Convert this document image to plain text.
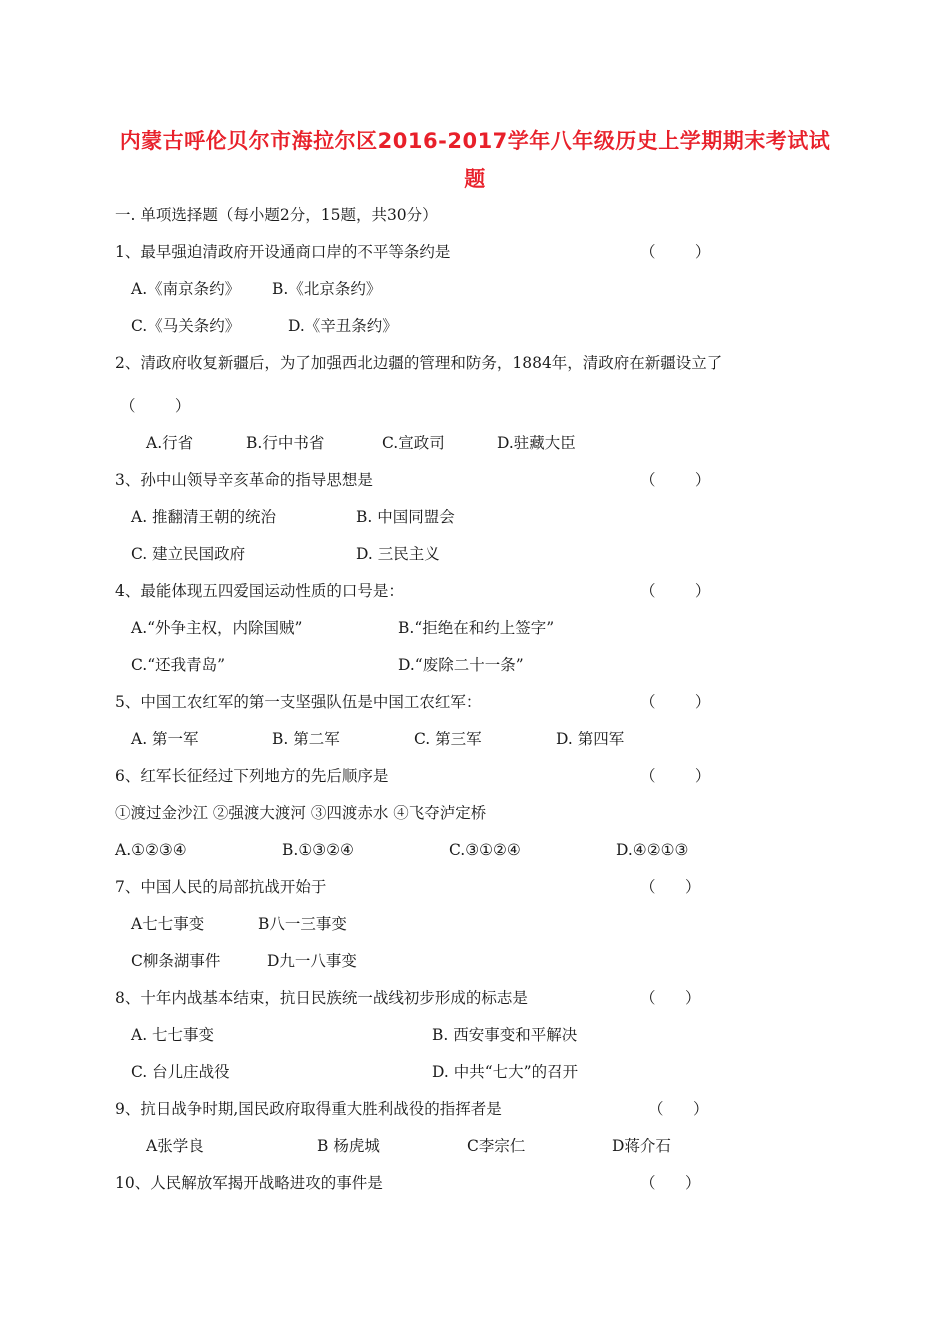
内蒙古呼伦贝尔市海拉尔区2016-2017学年八年级历史上学期期末考试试
题
一. 单项选择题（每小题2分，15题，共30分）
1、最早强迫清政府开设通商口岸的不平等条约是	（        ）
A.《南京条约》 B.《北京条约》
C.《马关条约》	D.《辛丑条约》
2、清政府收复新疆后，为了加强西北边疆的管理和防务，1884年，清政府在新疆设立了
（        ）
A.行省	B.行中书省	C.宣政司	D.驻藏大臣
3、孙中山领导辛亥革命的指导思想是	（        ）
A. 推翻清王朝的统治	B. 中国同盟会
C. 建立民国政府	D. 三民主义
4、最能体现五四爱国运动性质的口号是：	（        ）
A.“外争主权，内除国贼”	B.“拒绝在和约上签字”
C.“还我青岛”	D.“废除二十一条”
5、中国工农红军的第一支坚强队伍是中国工农红军：	（        ）
A. 第一军	B. 第二军	C. 第三军	D. 第四军
6、红军长征经过下列地方的先后顺序是	（        ）
①渡过金沙江 ②强渡大渡河 ③四渡赤水 ④飞夺泸定桥
A.①②③④	B.①③②④	C.③①②④	D.④②①③
7、中国人民的局部抗战开始于	（      ）
A七七事变	B八一三事变
C柳条湖事件	D九一八事变
8、十年内战基本结束，抗日民族统一战线初步形成的标志是	（      ）
A. 七七事变	B. 西安事变和平解决
C. 台儿庄战役	D. 中共“七大”的召开
9、抗日战争时期,国民政府取得重大胜利战役的指挥者是	（      ）
A张学良	B 杨虎城	C李宗仁	D蒋介石
10、人民解放军揭开战略进攻的事件是	（      ）
